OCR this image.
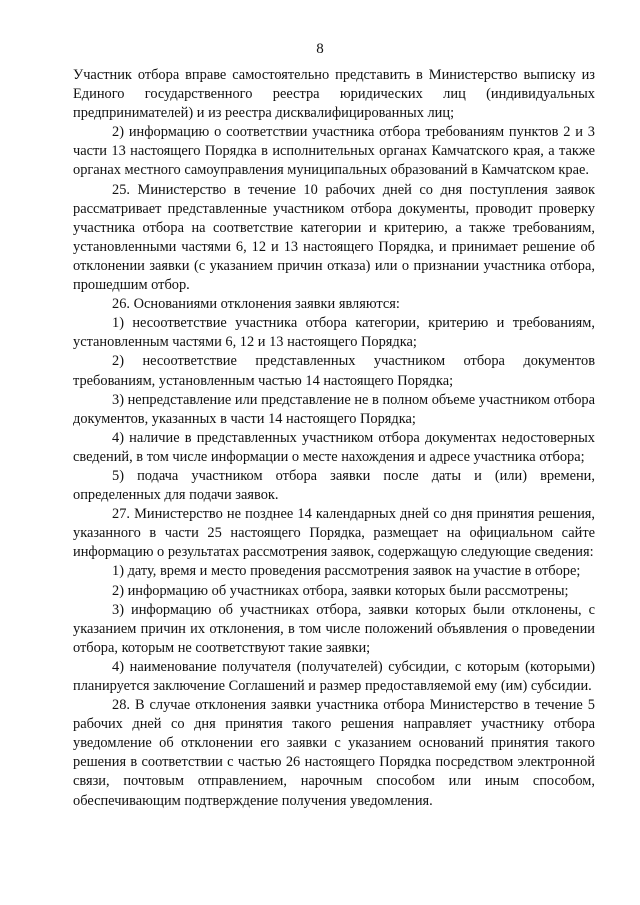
8

Участник отбора вправе самостоятельно представить в Министерство выписку из Единого государственного реестра юридических лиц (индивидуальных предпринимателей) и из реестра дисквалифицированных лиц;

2) информацию о соответствии участника отбора требованиям пунктов 2 и 3 части 13 настоящего Порядка в исполнительных органах Камчатского края, а также органах местного самоуправления муниципальных образований в Камчатском крае.

25. Министерство в течение 10 рабочих дней со дня поступления заявок рассматривает представленные участником отбора документы, проводит проверку участника отбора на соответствие категории и критерию, а также требованиям, установленными частями 6, 12 и 13 настоящего Порядка, и принимает решение об отклонении заявки (с указанием причин отказа) или о признании участника отбора, прошедшим отбор.

26. Основаниями отклонения заявки являются:

1) несоответствие участника отбора категории, критерию и требованиям, установленным частями 6, 12 и 13 настоящего Порядка;

2) несоответствие представленных участником отбора документов требованиям, установленным частью 14 настоящего Порядка;

3) непредставление или представление не в полном объеме участником отбора документов, указанных в части 14 настоящего Порядка;

4) наличие в представленных участником отбора документах недостоверных сведений, в том числе информации о месте нахождения и адресе участника отбора;

5) подача участником отбора заявки после даты и (или) времени, определенных для подачи заявок.

27. Министерство не позднее 14 календарных дней со дня принятия решения, указанного в части 25 настоящего Порядка, размещает на официальном сайте информацию о результатах рассмотрения заявок, содержащую следующие сведения:

1) дату, время и место проведения рассмотрения заявок на участие в отборе;

2) информацию об участниках отбора, заявки которых были рассмотрены;

3) информацию об участниках отбора, заявки которых были отклонены, с указанием причин их отклонения, в том числе положений объявления о проведении отбора, которым не соответствуют такие заявки;

4) наименование получателя (получателей) субсидии, с которым (которыми) планируется заключение Соглашений и размер предоставляемой ему (им) субсидии.

28. В случае отклонения заявки участника отбора Министерство в течение 5 рабочих дней со дня принятия такого решения направляет участнику отбора уведомление об отклонении его заявки с указанием оснований принятия такого решения в соответствии с частью 26 настоящего Порядка посредством электронной связи, почтовым отправлением, нарочным способом или иным способом, обеспечивающим подтверждение получения уведомления.
